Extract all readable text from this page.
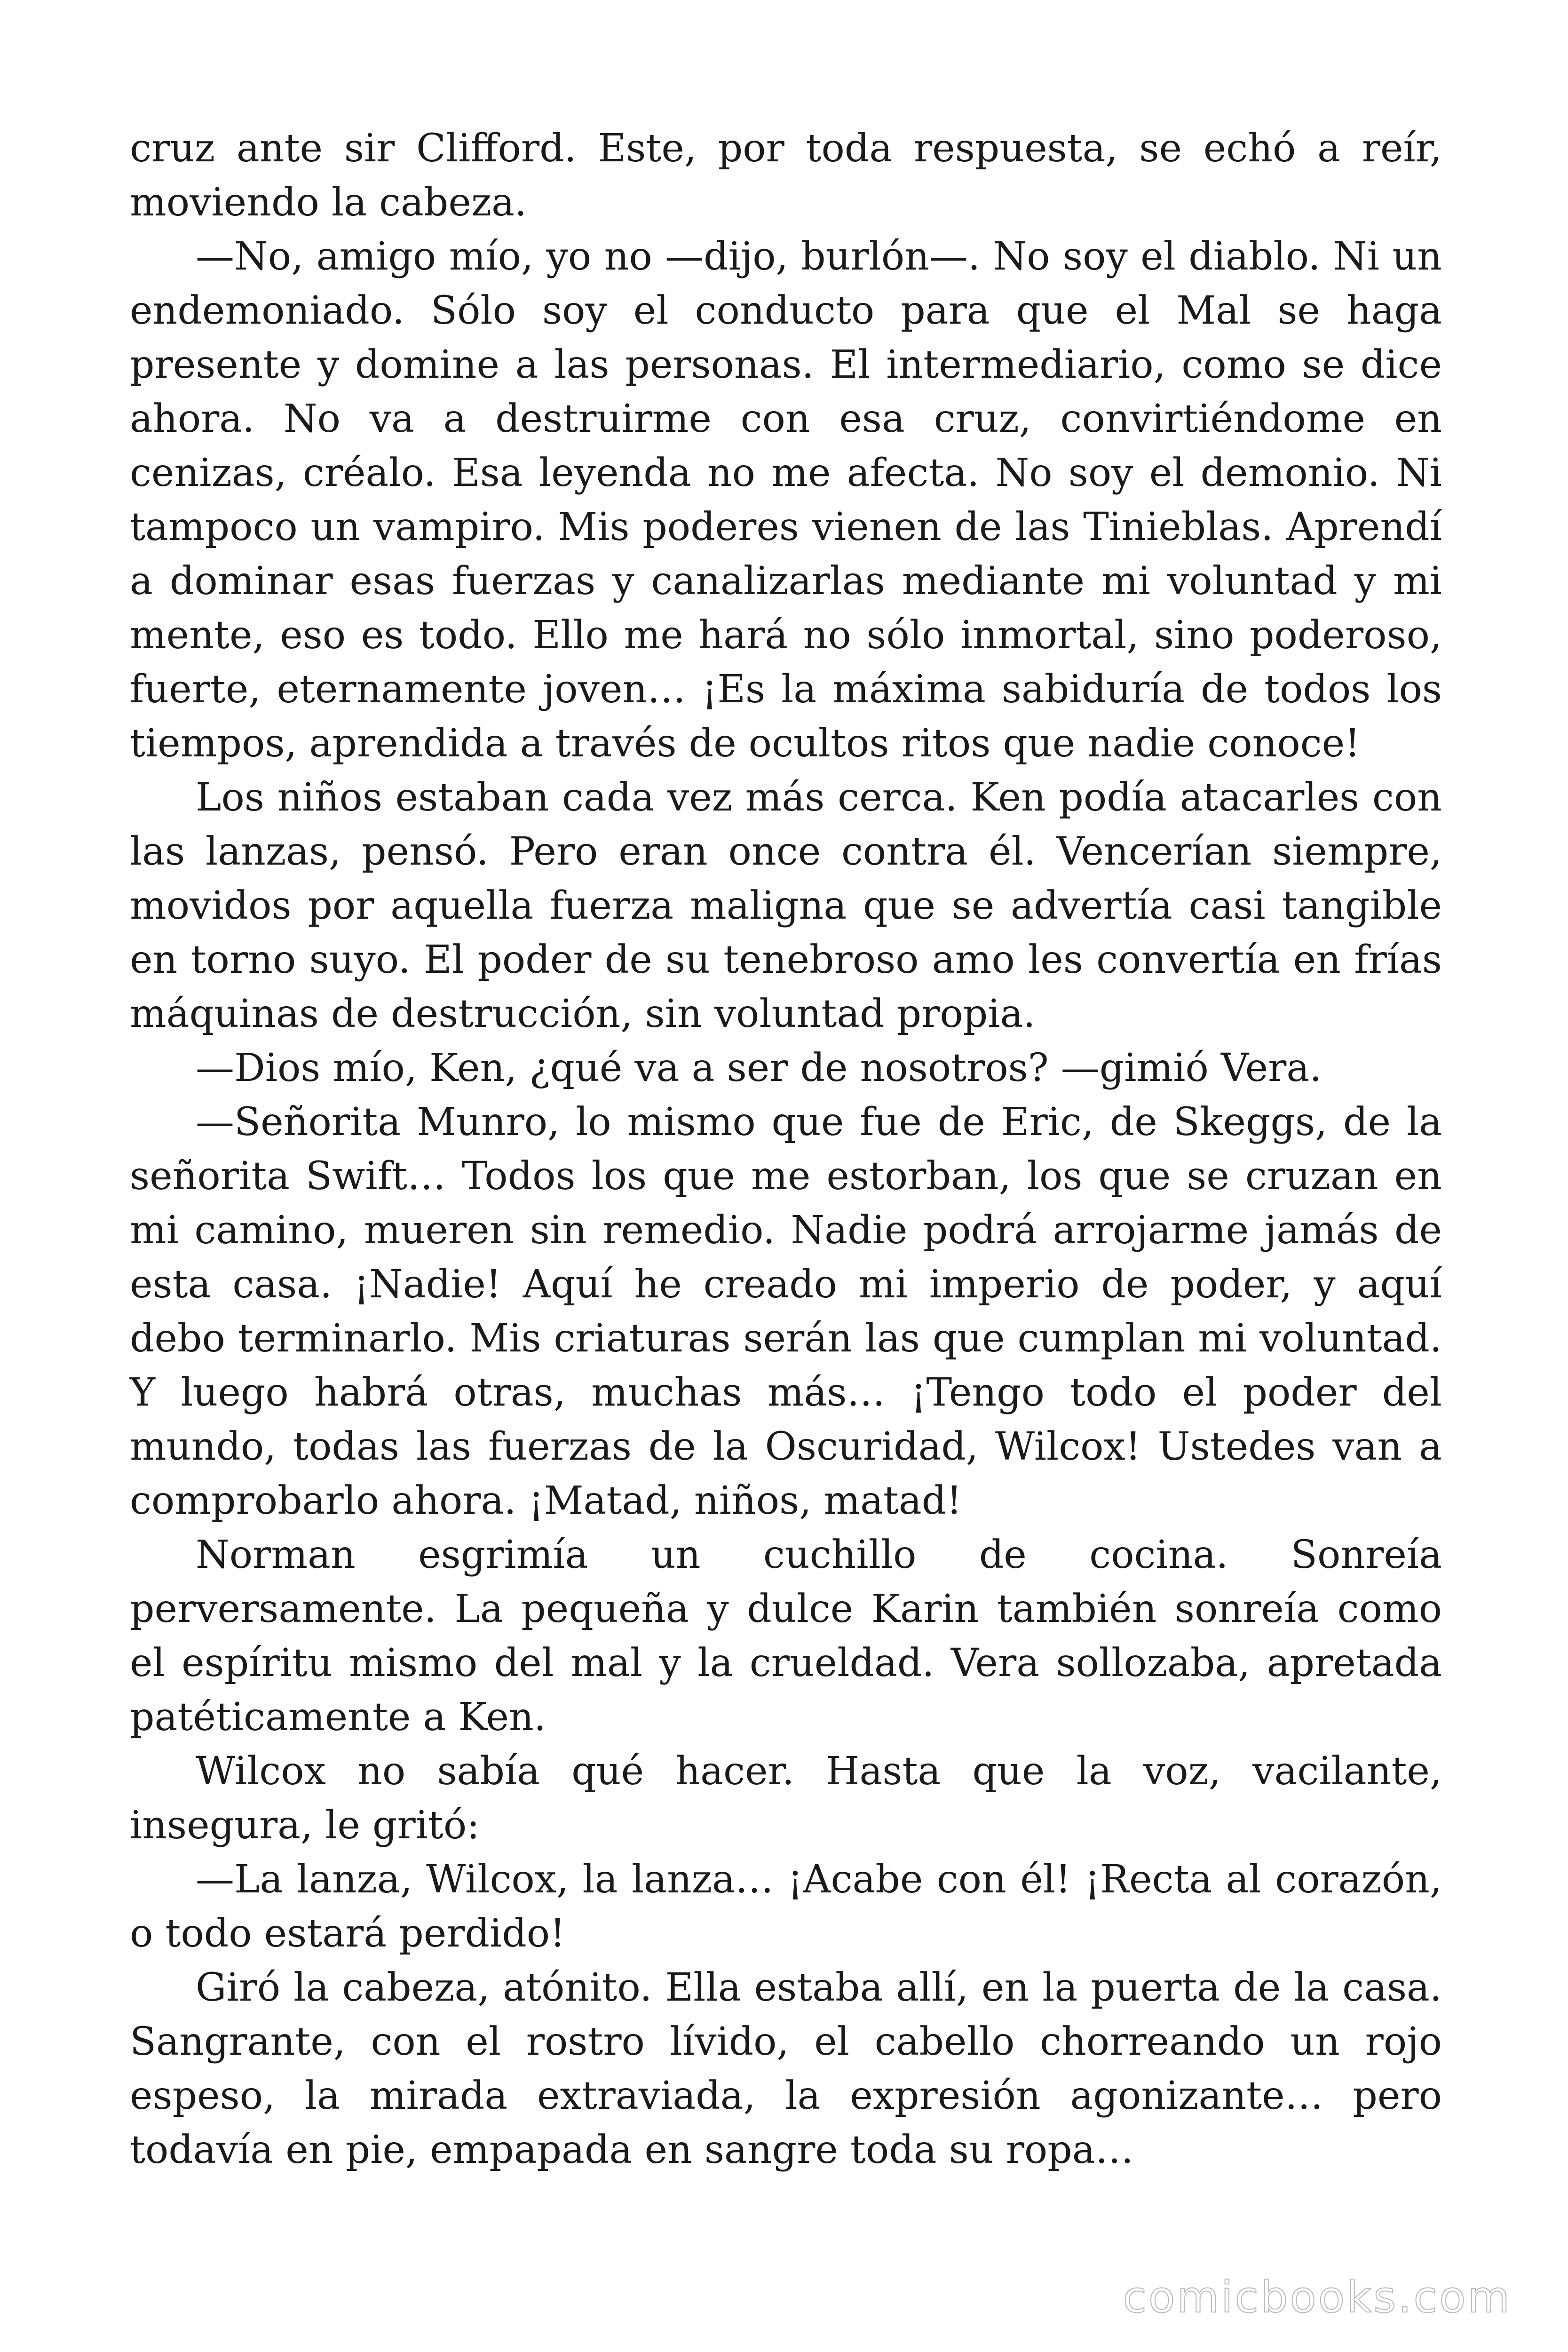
cruz ante sir Clifford. Este, por toda respuesta, se echó a reír, moviendo la cabeza.

—No, amigo mío, yo no —dijo, burlón—. No soy el diablo. Ni un endemoniado. Sólo soy el conducto para que el Mal se haga presente y domine a las personas. El intermediario, como se dice ahora. No va a destruirme con esa cruz, convirtiéndome en cenizas, créalo. Esa leyenda no me afecta. No soy el demonio. Ni tampoco un vampiro. Mis poderes vienen de las Tinieblas. Aprendí a dominar esas fuerzas y canalizarlas mediante mi voluntad y mi mente, eso es todo. Ello me hará no sólo inmortal, sino poderoso, fuerte, eternamente joven… ¡Es la máxima sabiduría de todos los tiempos, aprendida a través de ocultos ritos que nadie conoce!

Los niños estaban cada vez más cerca. Ken podía atacarles con las lanzas, pensó. Pero eran once contra él. Vencerían siempre, movidos por aquella fuerza maligna que se advertía casi tangible en torno suyo. El poder de su tenebroso amo les convertía en frías máquinas de destrucción, sin voluntad propia.

—Dios mío, Ken, ¿qué va a ser de nosotros? —gimió Vera.

—Señorita Munro, lo mismo que fue de Eric, de Skeggs, de la señorita Swift… Todos los que me estorban, los que se cruzan en mi camino, mueren sin remedio. Nadie podrá arrojarme jamás de esta casa. ¡Nadie! Aquí he creado mi imperio de poder, y aquí debo terminarlo. Mis criaturas serán las que cumplan mi voluntad. Y luego habrá otras, muchas más… ¡Tengo todo el poder del mundo, todas las fuerzas de la Oscuridad, Wilcox! Ustedes van a comprobarlo ahora. ¡Matad, niños, matad!

Norman esgrimía un cuchillo de cocina. Sonreía perversamente. La pequeña y dulce Karin también sonreía como el espíritu mismo del mal y la crueldad. Vera sollozaba, apretada patéticamente a Ken.

Wilcox no sabía qué hacer. Hasta que la voz, vacilante, insegura, le gritó:

—La lanza, Wilcox, la lanza… ¡Acabe con él! ¡Recta al corazón, o todo estará perdido!

Giró la cabeza, atónito. Ella estaba allí, en la puerta de la casa. Sangrante, con el rostro lívido, el cabello chorreando un rojo espeso, la mirada extraviada, la expresión agonizante… pero todavía en pie, empapada en sangre toda su ropa…

comicbooks.com
